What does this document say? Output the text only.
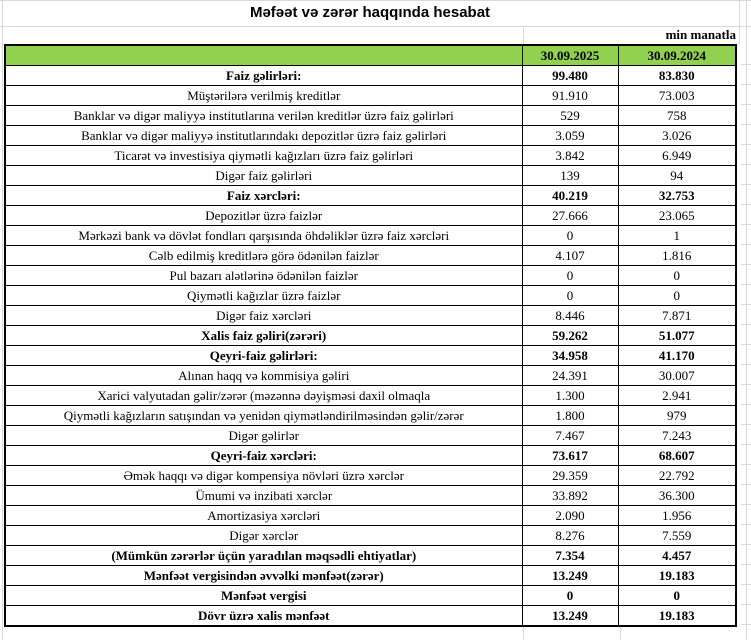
Məfəət və zərər haqqında hesabat
min manatla
	30.09.2025	30.09.2024
Faiz gəlirləri:	99.480	83.830
Müştərilərə verilmiş kreditlər	91.910	73.003
Banklar və digər maliyyə institutlarına verilən kreditlər üzrə faiz gəlirləri	529	758
Banklar və digər maliyyə institutlarındakı depozitlər üzrə faiz gəlirləri	3.059	3.026
Ticarət və investisiya qiymətli kağızları üzrə faiz gəlirləri	3.842	6.949
Digər faiz gəlirləri	139	94
Faiz xərcləri:	40.219	32.753
Depozitlər üzrə faizlər	27.666	23.065
Mərkəzi bank və dövlət fondları qarşısında öhdəliklər üzrə faiz xərcləri	0	1
Cəlb edilmiş kreditlərə görə ödənilən faizlər	4.107	1.816
Pul bazarı alətlərinə ödənilən faizlər	0	0
Qiymətli kağızlar üzrə faizlər	0	0
Digər faiz xərcləri	8.446	7.871
Xalis faiz gəliri(zərəri)	59.262	51.077
Qeyri-faiz gəlirləri:	34.958	41.170
Alınan haqq və kommisiya gəliri	24.391	30.007
Xarici valyutadan gəlir/zərər (məzənnə dəyişməsi daxil olmaqla	1.300	2.941
Qiymətli kağızların satışından və yenidən qiymətləndirilməsindən gəlir/zərər	1.800	979
Digər gəlirlər	7.467	7.243
Qeyri-faiz xərcləri:	73.617	68.607
Əmək haqqı və digər kompensiya növləri üzrə xərclər	29.359	22.792
Ümumi və inzibati xərclər	33.892	36.300
Amortizasiya xərcləri	2.090	1.956
Digər xərclər	8.276	7.559
(Mümkün zərərlər üçün yaradılan məqsədli ehtiyatlar)	7.354	4.457
Mənfəət vergisindən əvvəlki mənfəət(zərər)	13.249	19.183
Mənfəət vergisi	0	0
Dövr üzrə xalis mənfəət	13.249	19.183
